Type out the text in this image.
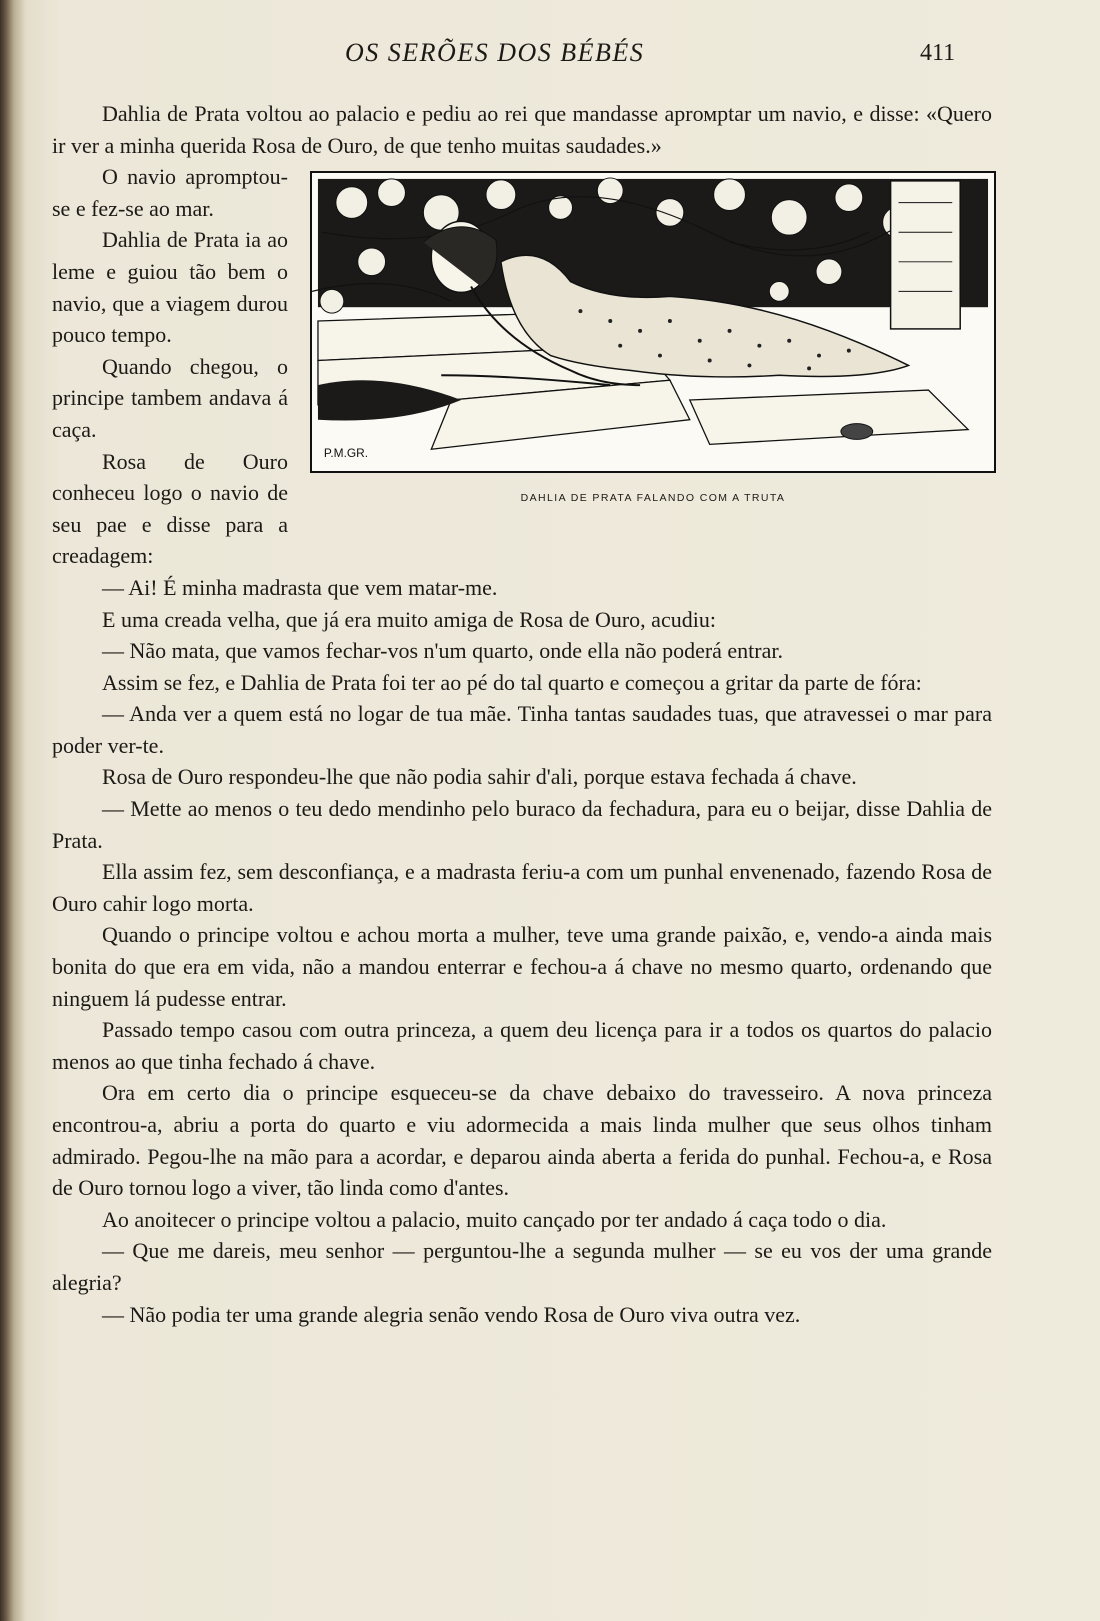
OS SERÕES DOS BÉBÉS	411

Dahlia de Prata voltou ao palacio e pediu ao rei que mandasse aprомptar um navio, e disse: «Quero ir ver a minha querida Rosa de Ouro, de que tenho muitas saudades.»

P.M.GR.
DAHLIA DE PRATA FALANDO COM A TRUTA

O navio apromptou-se e fez-se ao mar.

Dahlia de Prata ia ao leme e guiou tão bem o navio, que a viagem durou pouco tempo.

Quando chegou, o principe tambem andava á caça.

Rosa de Ouro conheceu logo o navio de seu pae e disse para a creadagem:

— Ai! É minha madrasta que vem matar-me.

E uma creada velha, que já era muito amiga de Rosa de Ouro, acudiu:

— Não mata, que vamos fechar-vos n'um quarto, onde ella não poderá entrar.

Assim se fez, e Dahlia de Prata foi ter ao pé do tal quarto e começou a gritar da parte de fóra:

— Anda ver a quem está no logar de tua mãe. Tinha tantas saudades tuas, que atravessei o mar para poder ver-te.

Rosa de Ouro respondeu-lhe que não podia sahir d'ali, porque estava fechada á chave.

— Mette ao menos o teu dedo mendinho pelo buraco da fechadura, para eu o beijar, disse Dahlia de Prata.

Ella assim fez, sem desconfiança, e a madrasta feriu-a com um punhal envenenado, fazendo Rosa de Ouro cahir logo morta.

Quando o principe voltou e achou morta a mulher, teve uma grande paixão, e, vendo-a ainda mais bonita do que era em vida, não a mandou enterrar e fechou-a á chave no mesmo quarto, ordenando que ninguem lá pudesse entrar.

Passado tempo casou com outra princeza, a quem deu licença para ir a todos os quartos do palacio menos ao que tinha fechado á chave.

Ora em certo dia o principe esqueceu-se da chave debaixo do travesseiro. A nova princeza encontrou-a, abriu a porta do quarto e viu adormecida a mais linda mulher que seus olhos tinham admirado. Pegou-lhe na mão para a acordar, e deparou ainda aberta a ferida do punhal. Fechou-a, e Rosa de Ouro tornou logo a viver, tão linda como d'antes.

Ao anoitecer o principe voltou a palacio, muito cançado por ter andado á caça todo o dia.

— Que me dareis, meu senhor — perguntou-lhe a segunda mulher — se eu vos der uma grande alegria?

— Não podia ter uma grande alegria senão vendo Rosa de Ouro viva outra vez.
